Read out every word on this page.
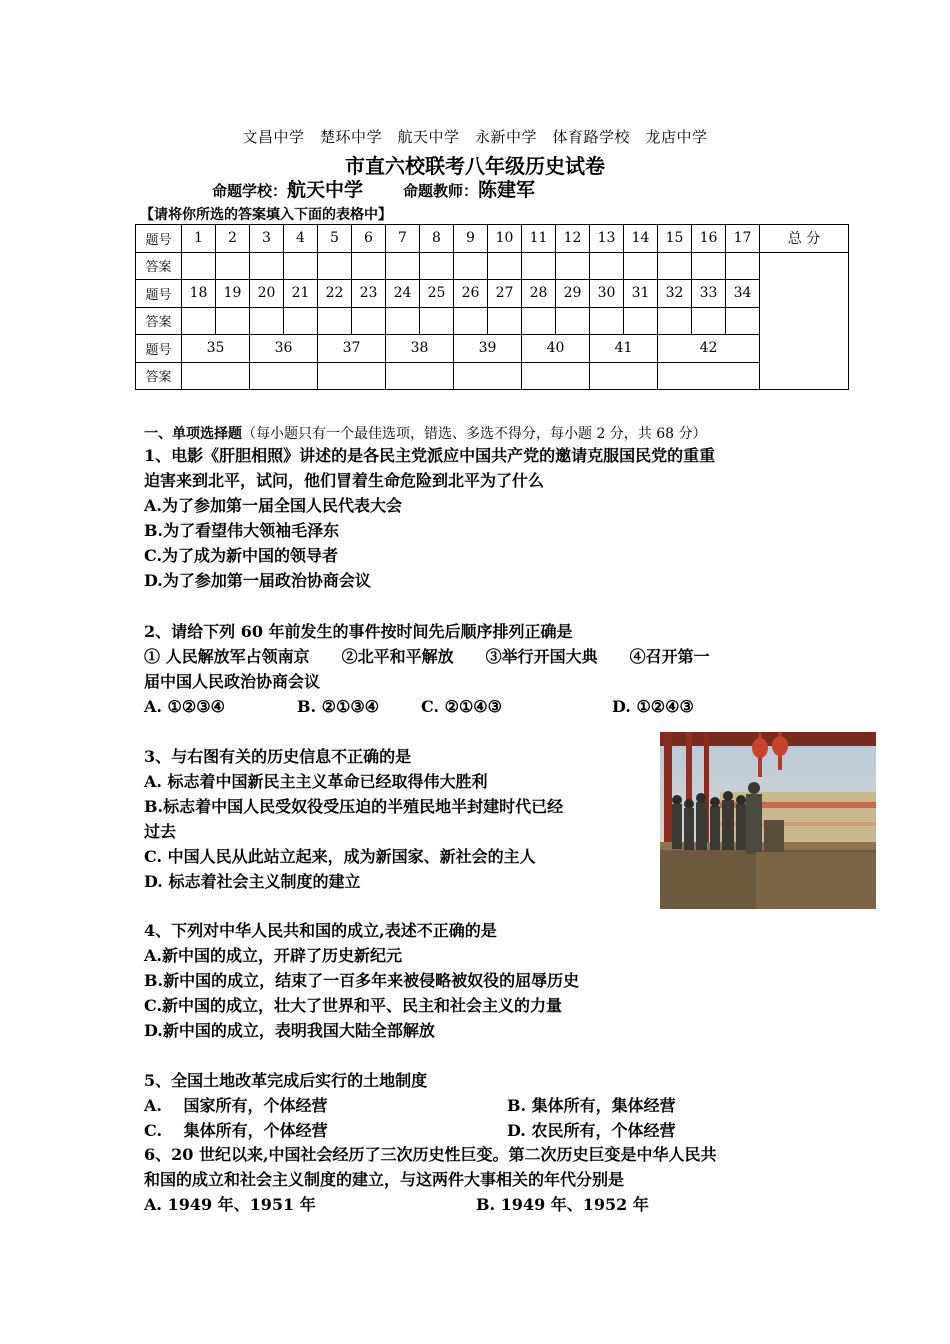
文昌中学　楚环中学　航天中学　永新中学　体育路学校　龙店中学
市直六校联考八年级历史试卷
命题学校：航天中学	命题教师：陈建军
【请将你所选的答案填入下面的表格中】
题号	1	2	3	4	5	6	7	8	9	10	11	12	13	14	15	16	17	总 分
答案																		
题号	18	19	20	21	22	23	24	25	26	27	28	29	30	31	32	33	34	
答案																		
题号	35		36		37		38		39		40		41		42			
答案																		
一、单项选择题（每小题只有一个最佳选项，错选、多选不得分，每小题 2 分，共 68 分）
1、电影《肝胆相照》讲述的是各民主党派应中国共产党的邀请克服国民党的重重
迫害来到北平，试问，他们冒着生命危险到北平为了什么
A.为了参加第一届全国人民代表大会
B.为了看望伟大领袖毛泽东
C.为了成为新中国的领导者
D.为了参加第一届政治协商会议
2、请给下列 60 年前发生的事件按时间先后顺序排列正确是
① 人民解放军占领南京　　②北平和平解放　　③举行开国大典　　④召开第一
届中国人民政治协商会议
A. ①②③④	B. ②①③④	C. ②①④③	D. ①②④③
3、与右图有关的历史信息不正确的是
A. 标志着中国新民主主义革命已经取得伟大胜利
B.标志着中国人民受奴役受压迫的半殖民地半封建时代已经
过去
C. 中国人民从此站立起来，成为新国家、新社会的主人
D. 标志着社会主义制度的建立
4、下列对中华人民共和国的成立,表述不正确的是
A.新中国的成立，开辟了历史新纪元
B.新中国的成立，结束了一百多年来被侵略被奴役的屈辱历史
C.新中国的成立，壮大了世界和平、民主和社会主义的力量
D.新中国的成立，表明我国大陆全部解放
5、全国土地改革完成后实行的土地制度
A.　 国家所有，个体经营	B. 集体所有，集体经营
C.　 集体所有，个体经营	D. 农民所有，个体经营
6、20 世纪以来,中国社会经历了三次历史性巨变。第二次历史巨变是中华人民共
和国的成立和社会主义制度的建立，与这两件大事相关的年代分别是
A. 1949 年、1951 年	B. 1949 年、1952 年
